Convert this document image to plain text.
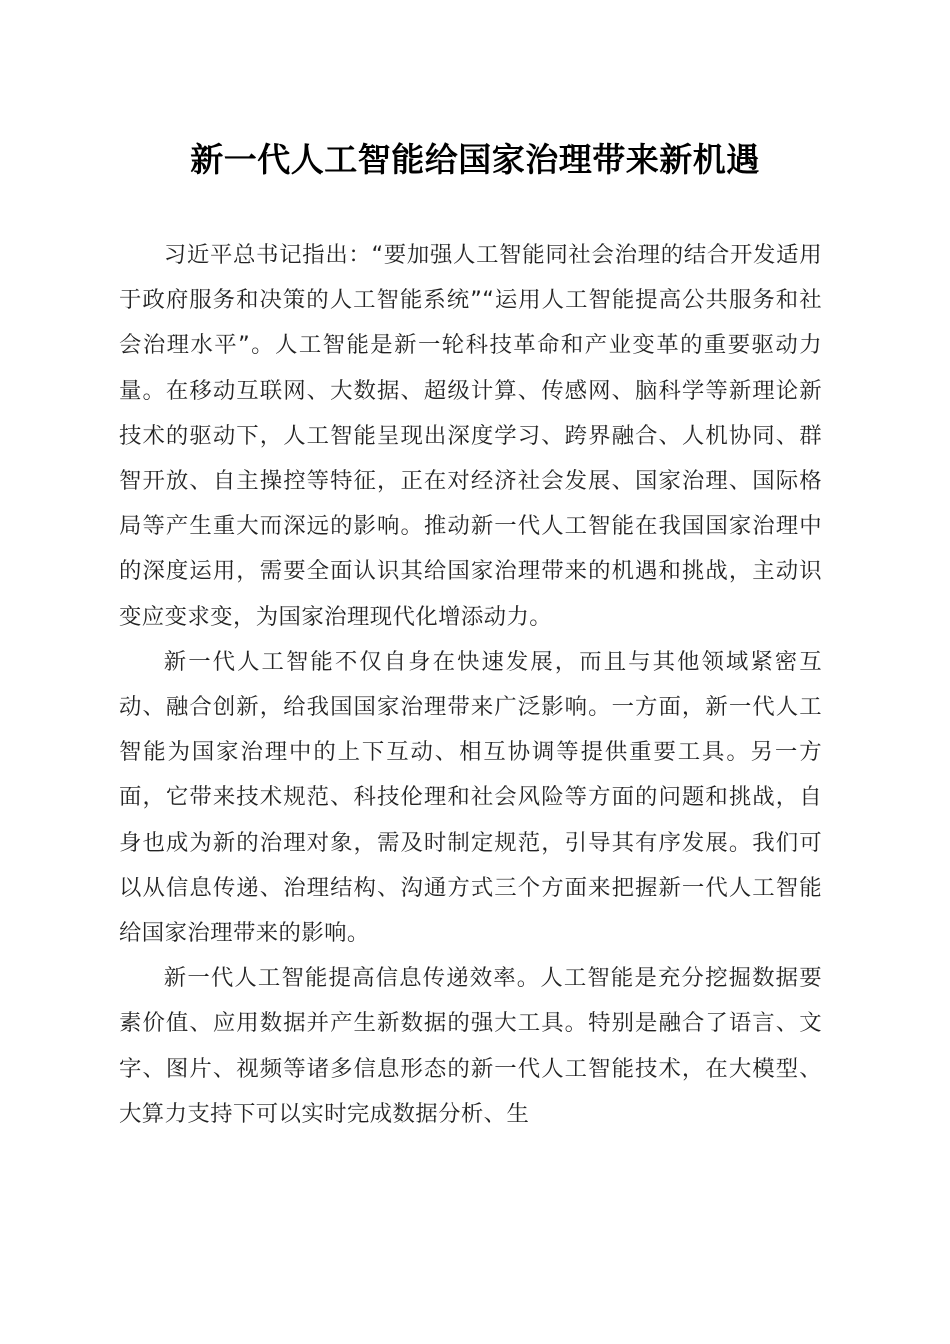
新一代人工智能给国家治理带来新机遇

习近平总书记指出：“要加强人工智能同社会治理的结合开发适用于政府服务和决策的人工智能系统”“运用人工智能提高公共服务和社会治理水平”。人工智能是新一轮科技革命和产业变革的重要驱动力量。在移动互联网、大数据、超级计算、传感网、脑科学等新理论新技术的驱动下，人工智能呈现出深度学习、跨界融合、人机协同、群智开放、自主操控等特征，正在对经济社会发展、国家治理、国际格局等产生重大而深远的影响。推动新一代人工智能在我国国家治理中的深度运用，需要全面认识其给国家治理带来的机遇和挑战，主动识变应变求变，为国家治理现代化增添动力。

新一代人工智能不仅自身在快速发展，而且与其他领域紧密互动、融合创新，给我国国家治理带来广泛影响。一方面，新一代人工智能为国家治理中的上下互动、相互协调等提供重要工具。另一方面，它带来技术规范、科技伦理和社会风险等方面的问题和挑战，自身也成为新的治理对象，需及时制定规范，引导其有序发展。我们可以从信息传递、治理结构、沟通方式三个方面来把握新一代人工智能给国家治理带来的影响。

新一代人工智能提高信息传递效率。人工智能是充分挖掘数据要素价值、应用数据并产生新数据的强大工具。特别是融合了语言、文字、图片、视频等诸多信息形态的新一代人工智能技术，在大模型、大算力支持下可以实时完成数据分析、生
